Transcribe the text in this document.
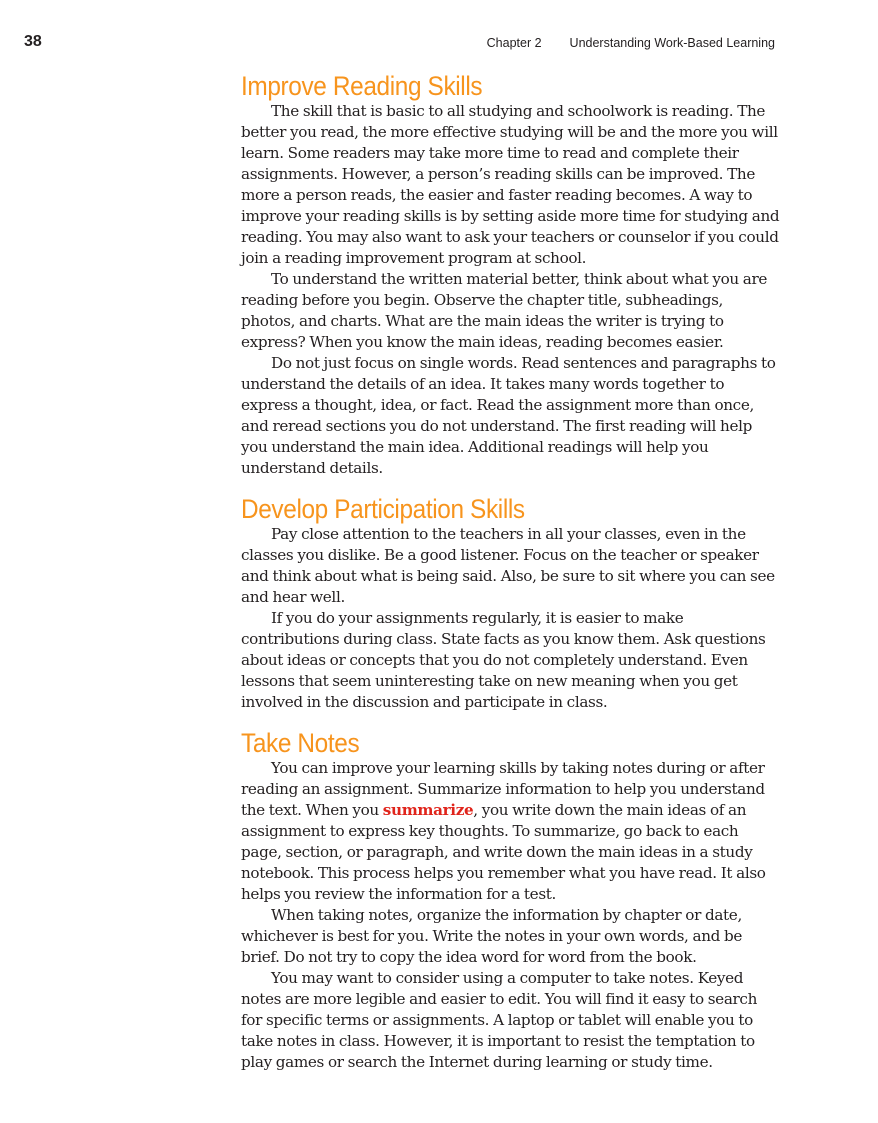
38	Chapter 2 Understanding Work-Based Learning
Improve Reading Skills

The skill that is basic to all studying and schoolwork is reading. The better you read, the more effective studying will be and the more you will learn. Some readers may take more time to read and complete their assignments. However, a person’s reading skills can be improved. The more a person reads, the easier and faster reading becomes. A way to improve your reading skills is by setting aside more time for studying and reading. You may also want to ask your teachers or counselor if you could join a reading improvement program at school.

To understand the written material better, think about what you are reading before you begin. Observe the chapter title, subheadings, photos, and charts. What are the main ideas the writer is trying to express? When you know the main ideas, reading becomes easier.

Do not just focus on single words. Read sentences and paragraphs to understand the details of an idea. It takes many words together to express a thought, idea, or fact. Read the assignment more than once, and reread sections you do not understand. The first reading will help you understand the main idea. Additional readings will help you understand details.

Develop Participation Skills

Pay close attention to the teachers in all your classes, even in the classes you dislike. Be a good listener. Focus on the teacher or speaker and think about what is being said. Also, be sure to sit where you can see and hear well.

If you do your assignments regularly, it is easier to make contributions during class. State facts as you know them. Ask questions about ideas or concepts that you do not completely understand. Even lessons that seem uninteresting take on new meaning when you get involved in the discussion and participate in class.

Take Notes

You can improve your learning skills by taking notes during or after reading an assignment. Summarize information to help you understand the text. When you summarize, you write down the main ideas of an assignment to express key thoughts. To summarize, go back to each page, section, or paragraph, and write down the main ideas in a study notebook. This process helps you remember what you have read. It also helps you review the information for a test.

When taking notes, organize the information by chapter or date, whichever is best for you. Write the notes in your own words, and be brief. Do not try to copy the idea word for word from the book.

You may want to consider using a computer to take notes. Keyed notes are more legible and easier to edit. You will find it easy to search for specific terms or assignments. A laptop or tablet will enable you to take notes in class. However, it is important to resist the temptation to play games or search the Internet during learning or study time.
